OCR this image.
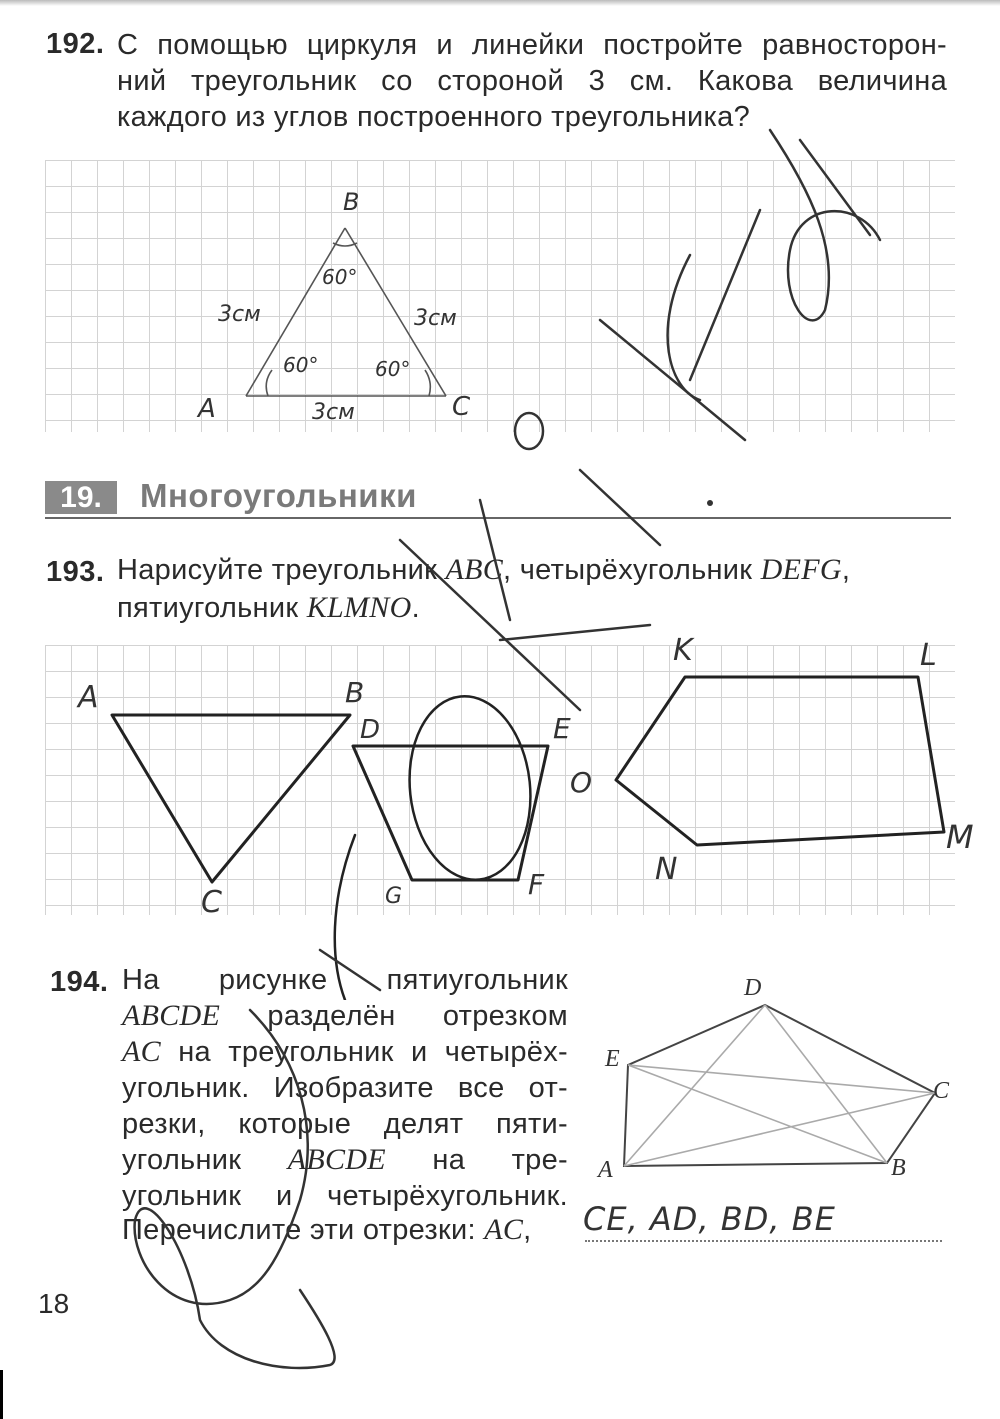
192. С помощью циркуля и линейки постройте равносторон-
ний треугольник со стороной 3 см. Какова величина
каждого из углов построенного треугольника?
B
A	C
60°
60°	60°
3см	3см
3см
19.	Многоугольники
193. Нарисуйте треугольник ABC, четырёхугольник DEFG,
пятиугольник KLMNO.
A	B
C
D	E
F
G
K	L
M
N
O
194. На рисунке пятиугольник
ABCDE разделён отрезком
AC на треугольник и четырёх-
угольник. Изобразите все от-
резки, которые делят пяти-
угольник ABCDE на тре-
угольник и четырёхугольник.
Перечислите эти отрезки: AC, CE, AD, BD, BE
D
E
C
A	B
18
